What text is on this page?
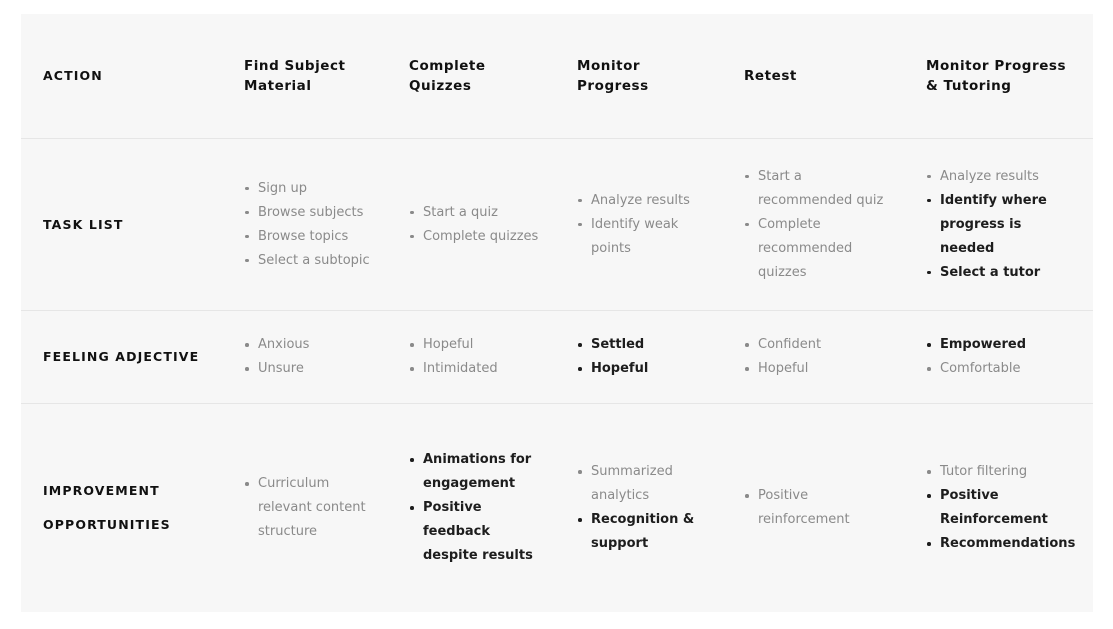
ACTION
Find Subject Material
Complete Quizzes
Monitor Progress
Retest
Monitor Progress & Tutoring
TASK LIST
Sign up
Browse subjects
Browse topics
Select a subtopic
Start a quiz
Complete quizzes
Analyze results
Identify weak points
Start a recommended quiz
Complete recommended quizzes
Analyze results
Identify where progress is needed
Select a tutor
FEELING ADJECTIVE
Anxious
Unsure
Hopeful
Intimidated
Settled
Hopeful
Confident
Hopeful
Empowered
Comfortable
IMPROVEMENT OPPORTUNITIES
Curriculum relevant content structure
Animations for engagement
Positive feedback despite results
Summarized analytics
Recognition & support
Positive reinforcement
Tutor filtering
Positive Reinforcement
Recommendations
